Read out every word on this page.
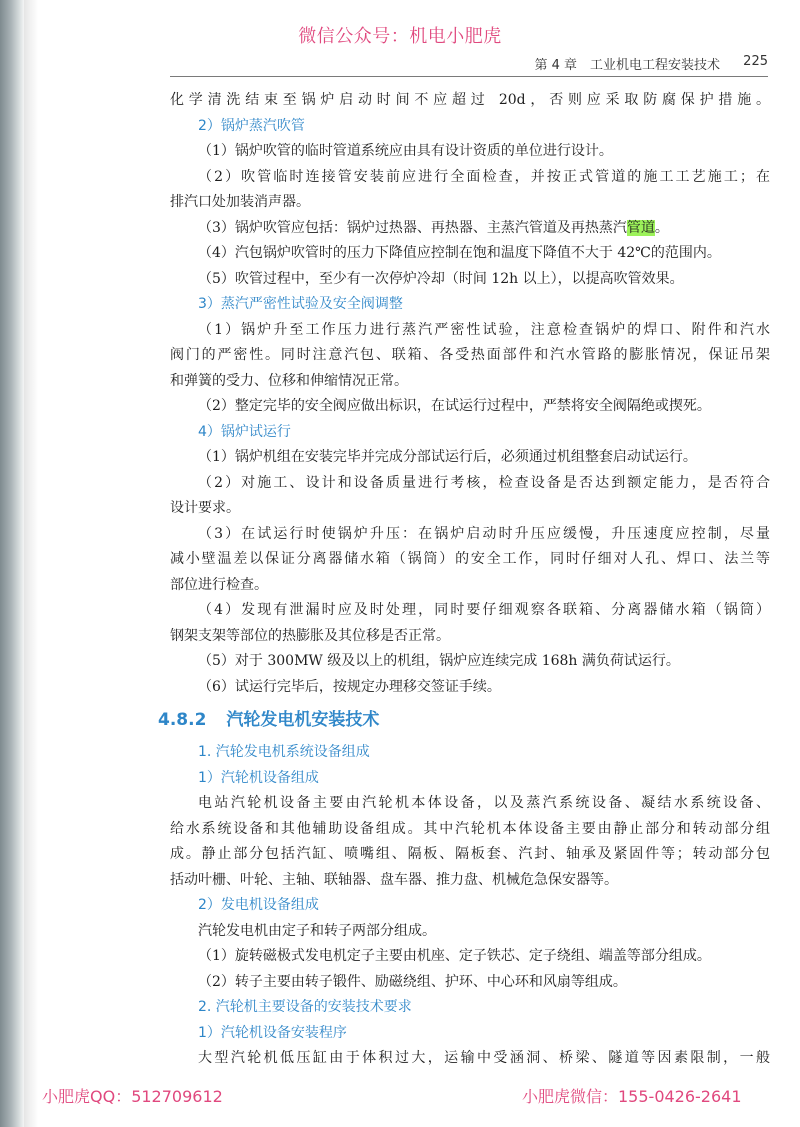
微信公众号：机电小肥虎
第 4 章　工业机电工程安装技术 225
化学清洗结束至锅炉启动时间不应超过 20d，否则应采取防腐保护措施。
2）锅炉蒸汽吹管
（1）锅炉吹管的临时管道系统应由具有设计资质的单位进行设计。
（2）吹管临时连接管安装前应进行全面检查，并按正式管道的施工工艺施工；在
排汽口处加装消声器。
（3）锅炉吹管应包括：锅炉过热器、再热器、主蒸汽管道及再热蒸汽管道。
（4）汽包锅炉吹管时的压力下降值应控制在饱和温度下降值不大于 42℃的范围内。
（5）吹管过程中，至少有一次停炉冷却（时间 12h 以上），以提高吹管效果。
3）蒸汽严密性试验及安全阀调整
（1）锅炉升至工作压力进行蒸汽严密性试验，注意检查锅炉的焊口、附件和汽水
阀门的严密性。同时注意汽包、联箱、各受热面部件和汽水管路的膨胀情况，保证吊架
和弹簧的受力、位移和伸缩情况正常。
（2）整定完毕的安全阀应做出标识，在试运行过程中，严禁将安全阀隔绝或揳死。
4）锅炉试运行
（1）锅炉机组在安装完毕并完成分部试运行后，必须通过机组整套启动试运行。
（2）对施工、设计和设备质量进行考核，检查设备是否达到额定能力，是否符合
设计要求。
（3）在试运行时使锅炉升压：在锅炉启动时升压应缓慢，升压速度应控制，尽量
减小壁温差以保证分离器储水箱（锅筒）的安全工作，同时仔细对人孔、焊口、法兰等
部位进行检查。
（4）发现有泄漏时应及时处理，同时要仔细观察各联箱、分离器储水箱（锅筒）
钢架支架等部位的热膨胀及其位移是否正常。
（5）对于 300MW 级及以上的机组，锅炉应连续完成 168h 满负荷试运行。
（6）试运行完毕后，按规定办理移交签证手续。
4.8.2 汽轮发电机安装技术
1. 汽轮发电机系统设备组成
1）汽轮机设备组成
电站汽轮机设备主要由汽轮机本体设备，以及蒸汽系统设备、凝结水系统设备、
给水系统设备和其他辅助设备组成。其中汽轮机本体设备主要由静止部分和转动部分组
成。静止部分包括汽缸、喷嘴组、隔板、隔板套、汽封、轴承及紧固件等；转动部分包
括动叶栅、叶轮、主轴、联轴器、盘车器、推力盘、机械危急保安器等。
2）发电机设备组成
汽轮发电机由定子和转子两部分组成。
（1）旋转磁极式发电机定子主要由机座、定子铁芯、定子绕组、端盖等部分组成。
（2）转子主要由转子锻件、励磁绕组、护环、中心环和风扇等组成。
2. 汽轮机主要设备的安装技术要求
1）汽轮机设备安装程序
大型汽轮机低压缸由于体积过大，运输中受涵洞、桥梁、隧道等因素限制，一般
小肥虎QQ：512709612	小肥虎微信：155-0426-2641
